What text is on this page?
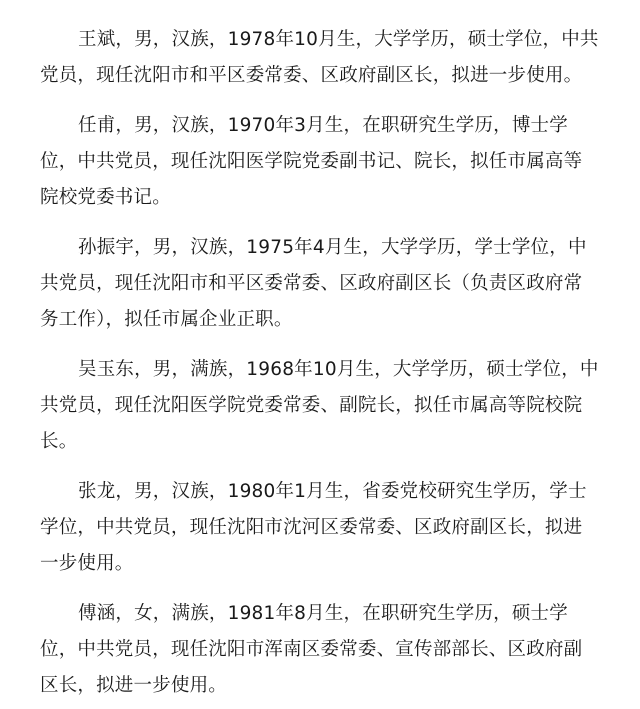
王斌，男，汉族，1978年10月生，大学学历，硕士学位，中共
党员，现任沈阳市和平区委常委、区政府副区长，拟进一步使用。

任甫，男，汉族，1970年3月生，在职研究生学历，博士学
位，中共党员，现任沈阳医学院党委副书记、院长，拟任市属高等
院校党委书记。

孙振宇，男，汉族，1975年4月生，大学学历，学士学位，中
共党员，现任沈阳市和平区委常委、区政府副区长（负责区政府常
务工作），拟任市属企业正职。

吴玉东，男，满族，1968年10月生，大学学历，硕士学位，中
共党员，现任沈阳医学院党委常委、副院长，拟任市属高等院校院
长。

张龙，男，汉族，1980年1月生，省委党校研究生学历，学士
学位，中共党员，现任沈阳市沈河区委常委、区政府副区长，拟进
一步使用。

傅涵，女，满族，1981年8月生，在职研究生学历，硕士学
位，中共党员，现任沈阳市浑南区委常委、宣传部部长、区政府副
区长，拟进一步使用。
